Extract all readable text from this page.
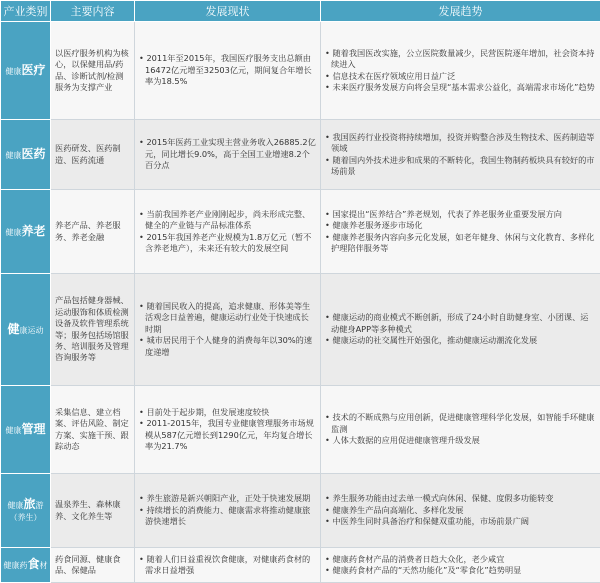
产业类别	主要内容	发展现状	发展趋势
健康医疗	以医疗服务机构为核心，以保健用品/药品、诊断试剂/检测服务为支撑产业	• 2011年至2015年，我国医疗服务支出总额由16472亿元增至32503亿元，期间复合年增长率为18.5%	• 随着我国医改实施，公立医院数量减少，民营医院逐年增加，社会资本持续进入
• 信息技术在医疗领域应用日益广泛
• 未来医疗服务发展方向将会呈现“基本需求公益化，高端需求市场化”趋势

健康医药	医药研发、医药制造、医药流通	• 2015年医药工业实现主营业务收入26885.2亿元，同比增长9.0%，高于全国工业增速8.2个百分点	• 我国医药行业投资将持续增加，投资并购整合涉及生物技术、医药制造等领域
• 随着国内外技术进步和成果的不断转化，我国生物制药板块具有较好的市场前景

健康养老	养老产品、养老服务、养老金融	• 当前我国养老产业刚刚起步，尚未形成完整、健全的产业链与产品标准体系
• 2015年我国养老产业规模为1.8万亿元（暂不含养老地产），未来还有较大的发展空间	• 国家提出“医养结合”养老规划，代表了养老服务业重要发展方向
• 健康养老服务逐步市场化
• 健康养老服务内容向多元化发展，如老年健身、休闲与文化教育、多样化护理陪伴服务等

健康运动	产品包括健身器械、运动服饰和体质检测设备及软件管理系统等；服务包括场馆服务、培训服务及管理咨询服务等	• 随着国民收入的提高，追求健康、形体美等生活观念日益普遍，健康运动行业处于快速成长时期
• 城市居民用于个人健身的消费每年以30%的速度递增	• 健康运动的商业模式不断创新，形成了24小时自助健身室、小团课、运动健身APP等多种模式
• 健康运动的社交属性开始强化，推动健康运动潮流化发展

健康管理	采集信息、建立档案、评估风险、制定方案、实施干预、跟踪动态	• 目前处于起步期，但发展速度较快
• 2011-2015年，我国专业健康管理服务市场规模从587亿元增长到1290亿元，年均复合增长率为21.7%	• 技术的不断成熟与应用创新，促进健康管理科学化发展，如智能手环健康监测
• 人体大数据的应用促进健康管理升级发展

健康旅游（养生）	温泉养生、森林康养、文化养生等	• 养生旅游是新兴朝阳产业，正处于快速发展期
• 持续增长的消费能力、健康需求将推动健康旅游快速增长	• 养生服务功能由过去单一模式向休闲、保健、度假多功能转变
• 健康养生产品向高端化、多样化发展
• 中医养生同时具备治疗和保健双重功能，市场前景广阔

健康药食材	药食同源、健康食品、保健品	• 随着人们日益重视饮食健康，对健康药食材的需求日益增强	• 健康药食材产品的消费者日趋大众化，老少咸宜
• 健康药食材产品的“天然功能化”及“零食化”趋势明显
